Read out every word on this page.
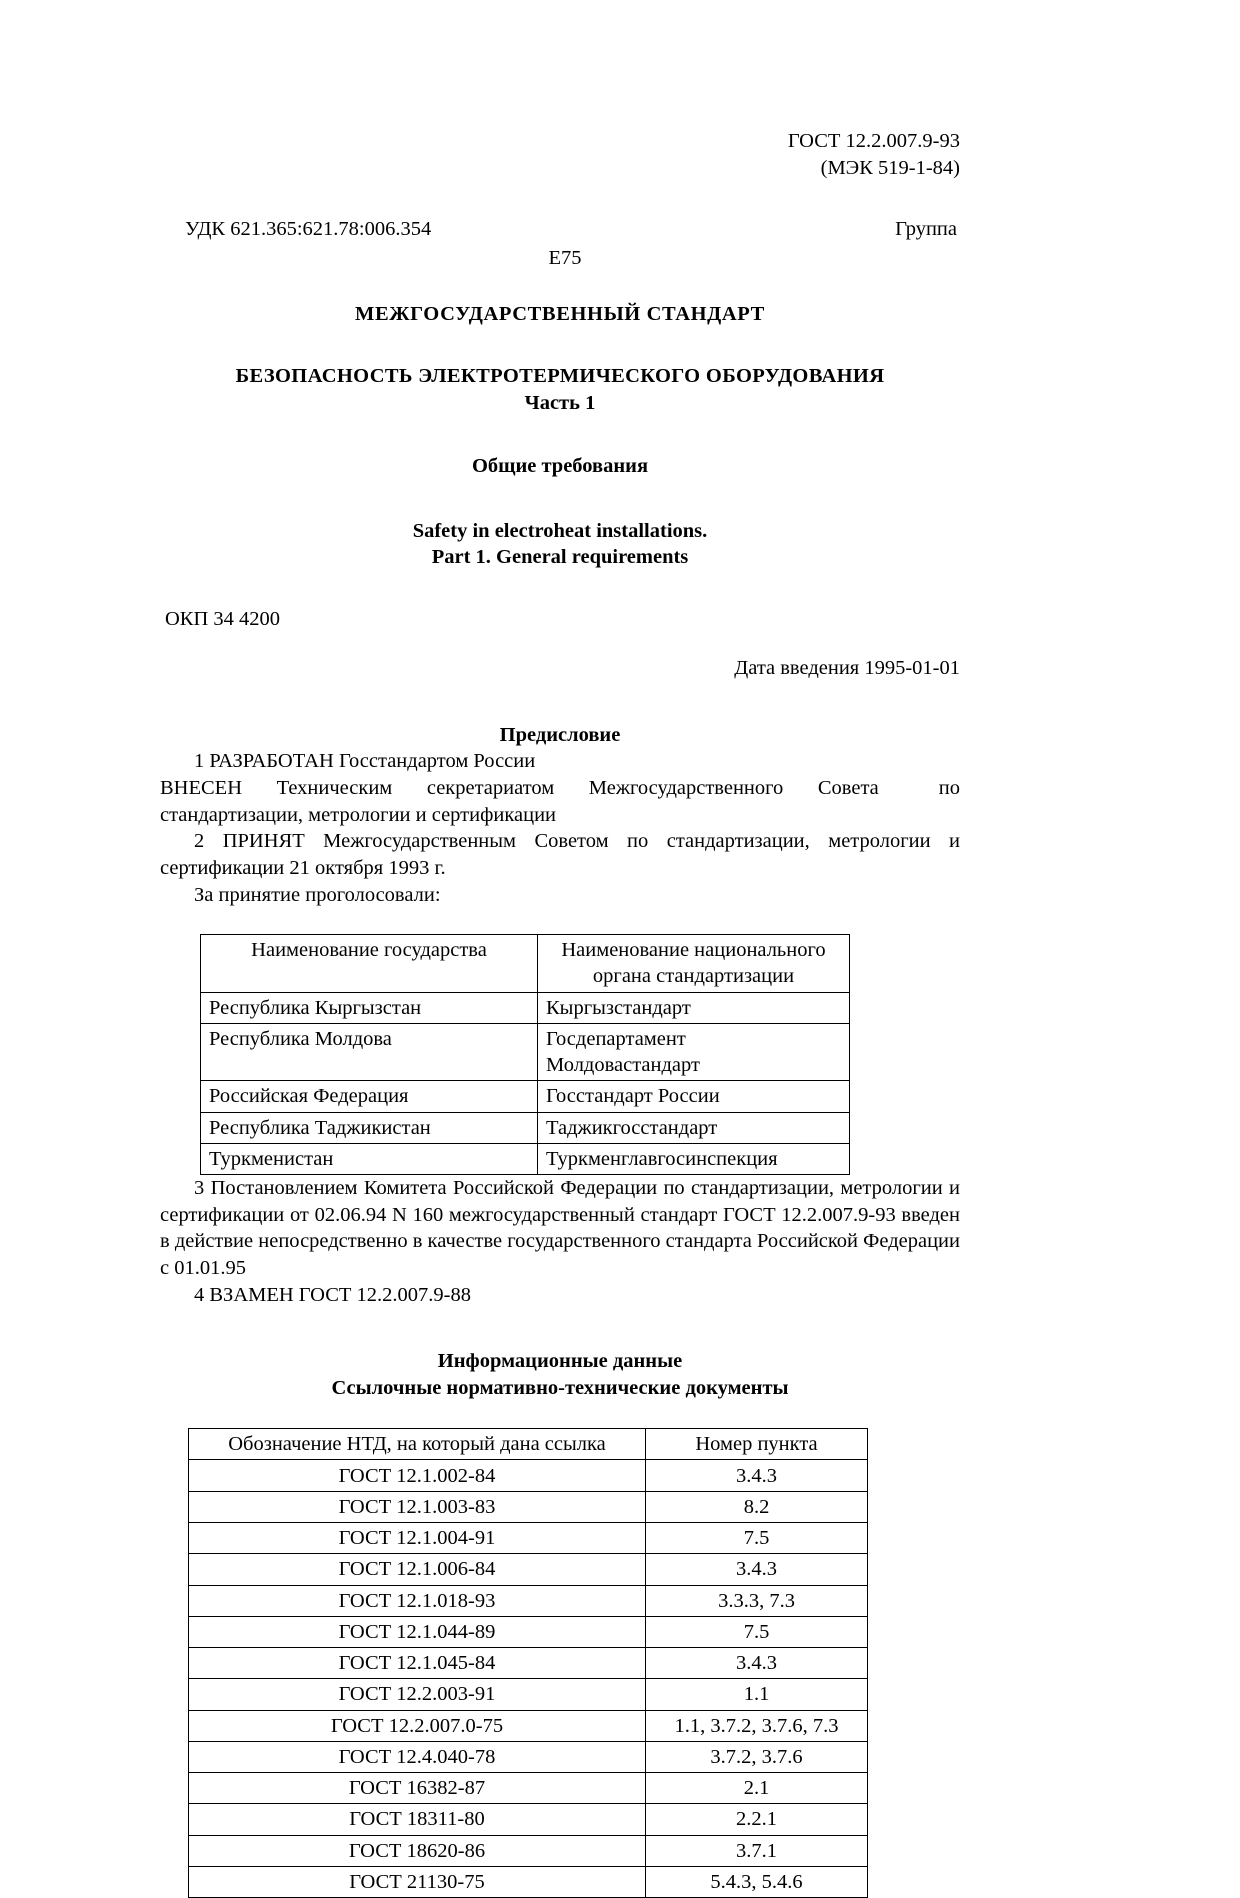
ГОСТ 12.2.007.9-93
(МЭК 519-1-84)
УДК 621.365:621.78:006.354	Группа
Е75
МЕЖГОСУДАРСТВЕННЫЙ СТАНДАРТ
БЕЗОПАСНОСТЬ ЭЛЕКТРОТЕРМИЧЕСКОГО ОБОРУДОВАНИЯ
Часть 1
Общие требования
Safety in electroheat installations.
Part 1. General requirements
ОКП 34 4200
Дата введения 1995-01-01
Предисловие

1 РАЗРАБОТАН Госстандартом России

ВНЕСЕН Техническим секретариатом Межгосударственного Совета	по стандартизации, метрологии и сертификации

2 ПРИНЯТ Межгосударственным Советом по стандартизации, метрологии и сертификации 21 октября 1993 г.

За принятие проголосовали:

Наименование государства	Наименование национального органа стандартизации
Республика Кыргызстан	Кыргызстандарт
Республика Молдова	Госдепартамент Молдовастандарт
Российская Федерация	Госстандарт России
Республика Таджикистан	Таджикгосстандарт
Туркменистан	Туркменглавгосинспекция

3 Постановлением Комитета Российской Федерации по стандартизации, метрологии и сертификации от 02.06.94 N 160 межгосударственный стандарт ГОСТ 12.2.007.9-93 введен в действие непосредственно в качестве государственного стандарта Российской Федерации с 01.01.95

4 ВЗАМЕН ГОСТ 12.2.007.9-88

Информационные данные
Ссылочные нормативно-технические документы
Обозначение НТД, на который дана ссылка	Номер пункта
ГОСТ 12.1.002-84	3.4.3
ГОСТ 12.1.003-83	8.2
ГОСТ 12.1.004-91	7.5
ГОСТ 12.1.006-84	3.4.3
ГОСТ 12.1.018-93	3.3.3, 7.3
ГОСТ 12.1.044-89	7.5
ГОСТ 12.1.045-84	3.4.3
ГОСТ 12.2.003-91	1.1
ГОСТ 12.2.007.0-75	1.1, 3.7.2, 3.7.6, 7.3
ГОСТ 12.4.040-78	3.7.2, 3.7.6
ГОСТ 16382-87	2.1
ГОСТ 18311-80	2.2.1
ГОСТ 18620-86	3.7.1
ГОСТ 21130-75	5.4.3, 5.4.6
